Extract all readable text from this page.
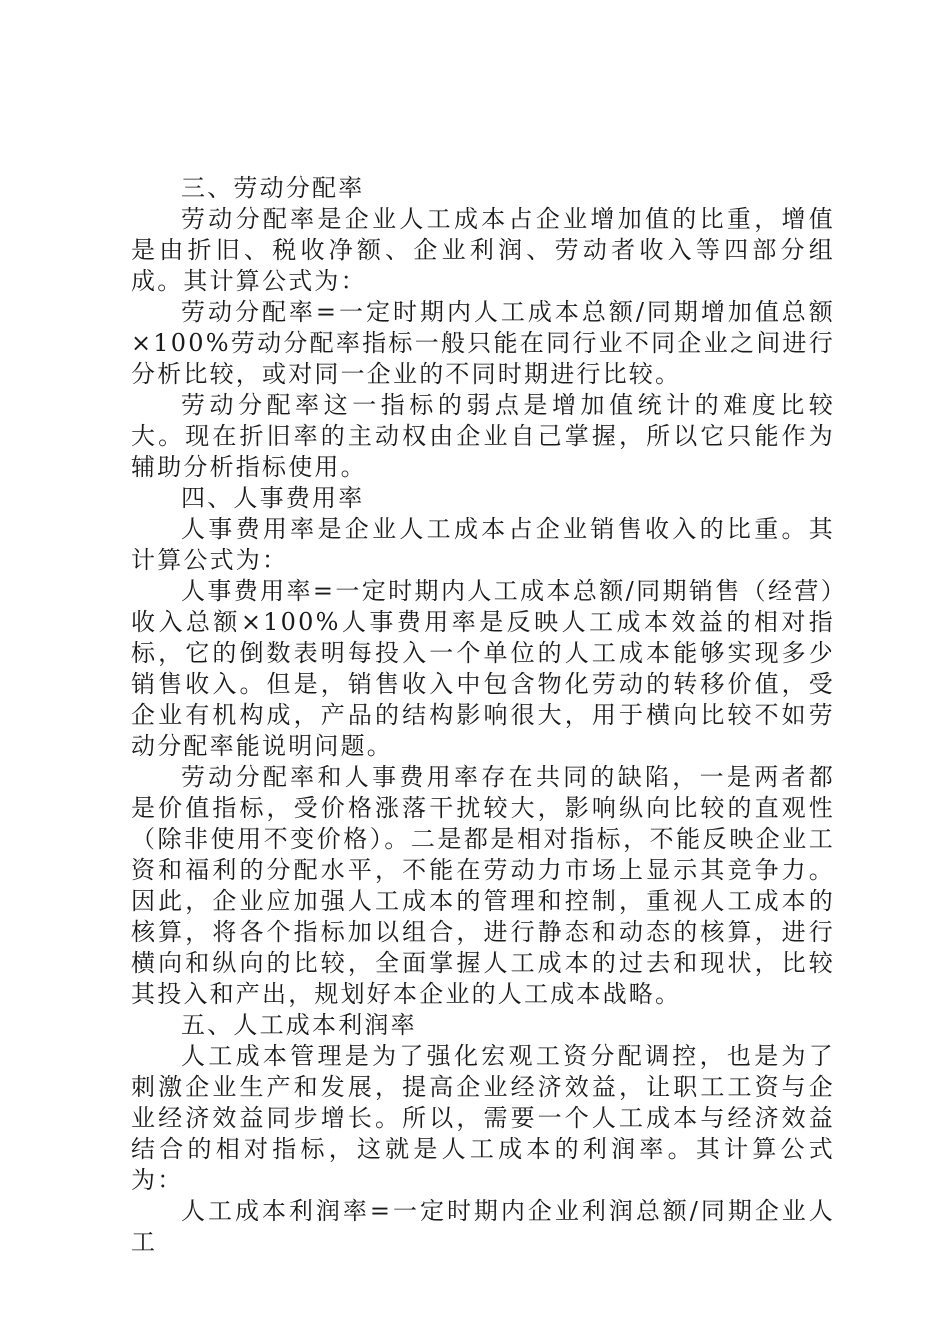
三、劳动分配率

劳动分配率是企业人工成本占企业增加值的比重，增值是由折旧、税收净额、企业利润、劳动者收入等四部分组成。其计算公式为：

劳动分配率=一定时期内人工成本总额/同期增加值总额×100%劳动分配率指标一般只能在同行业不同企业之间进行分析比较，或对同一企业的不同时期进行比较。

劳动分配率这一指标的弱点是增加值统计的难度比较大。现在折旧率的主动权由企业自己掌握，所以它只能作为辅助分析指标使用。

四、人事费用率

人事费用率是企业人工成本占企业销售收入的比重。其计算公式为：

人事费用率=一定时期内人工成本总额/同期销售（经营）收入总额×100%人事费用率是反映人工成本效益的相对指标，它的倒数表明每投入一个单位的人工成本能够实现多少销售收入。但是，销售收入中包含物化劳动的转移价值，受企业有机构成，产品的结构影响很大，用于横向比较不如劳动分配率能说明问题。

劳动分配率和人事费用率存在共同的缺陷，一是两者都是价值指标，受价格涨落干扰较大，影响纵向比较的直观性（除非使用不变价格）。二是都是相对指标，不能反映企业工资和福利的分配水平，不能在劳动力市场上显示其竞争力。因此，企业应加强人工成本的管理和控制，重视人工成本的核算，将各个指标加以组合，进行静态和动态的核算，进行横向和纵向的比较，全面掌握人工成本的过去和现状，比较其投入和产出，规划好本企业的人工成本战略。

五、人工成本利润率

人工成本管理是为了强化宏观工资分配调控，也是为了刺激企业生产和发展，提高企业经济效益，让职工工资与企业经济效益同步增长。所以，需要一个人工成本与经济效益结合的相对指标，这就是人工成本的利润率。其计算公式为：

人工成本利润率=一定时期内企业利润总额/同期企业人工
